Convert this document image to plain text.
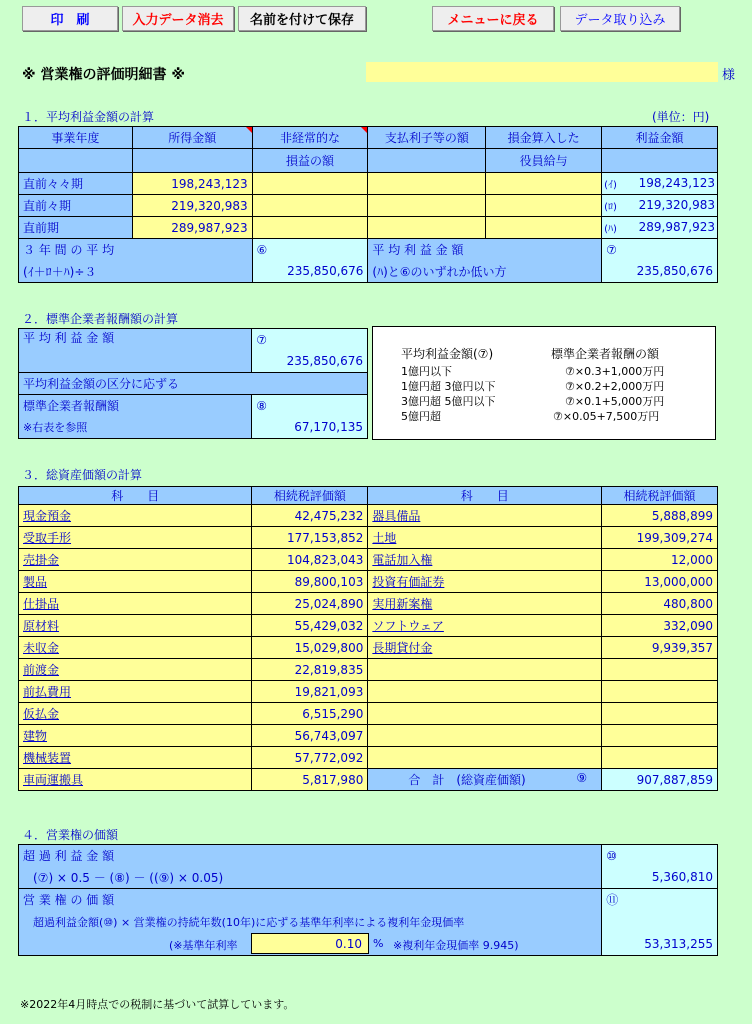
印　刷	入力データ消去	名前を付けて保存	メニューに戻る	データ取り込み
※ 営業権の評価明細書 ※	様
１．平均利益金額の計算	(単位：円)
事業年度	所得金額	非経常的な	支払利子等の額	損金算入した	利益金額
		損益の額		役員給与	
直前々々期	198,243,123				(ｲ) 198,243,123

直前々期	219,320,983				(ﾛ) 219,320,983

直前期	289,987,923				(ﾊ) 289,987,923
３ 年 間 の 平 均	⑥	平 均 利 益 金 額	⑦
(ｲ＋ﾛ＋ﾊ)÷３	235,850,676	(ﾊ)と⑥のいずれか低い方	235,850,676
２．標準企業者報酬額の計算
平 均 利 益 金 額	⑦
	235,850,676
平均利益金額の区分に応ずる	
標準企業者報酬額	⑧
※右表を参照	67,170,135
平均利益金額(⑦)	標準企業者報酬の額
1億円以下	⑦×0.3+1,000万円
1億円超 3億円以下	⑦×0.2+2,000万円
3億円超 5億円以下	⑦×0.1+5,000万円
5億円超	⑦×0.05+7,500万円
３．総資産価額の計算
科　　目	相続税評価額	科　　目	相続税評価額
現金預金	42,475,232	器具備品	5,888,899
受取手形	177,153,852	土地	199,309,274
売掛金	104,823,043	電話加入権	12,000
製品	89,800,103	投資有価証券	13,000,000
仕掛品	25,024,890	実用新案権	480,800
原材料	55,429,032	ソフトウェア	332,090
未収金	15,029,800	長期貸付金	9,939,357
前渡金	22,819,835		
前払費用	19,821,093		
仮払金	6,515,290		
建物	56,743,097		
機械装置	57,772,092		
車両運搬具	5,817,980	合　計　(総資産価額) ⑨	907,887,859
４．営業権の価額
超 過 利 益 金 額	⑩
(⑦) × 0.5 － (⑧) － ((⑨) × 0.05)	5,360,810
営 業 権 の 価 額	⑪
超過利益金額(⑩) × 営業権の持続年数(10年)に応ずる基準年利率による複利年金現価率	

(※基準年利率 0.10 % ※複利年金現価率 9.945)	53,313,255
※2022年4月時点での税制に基づいて試算しています。
